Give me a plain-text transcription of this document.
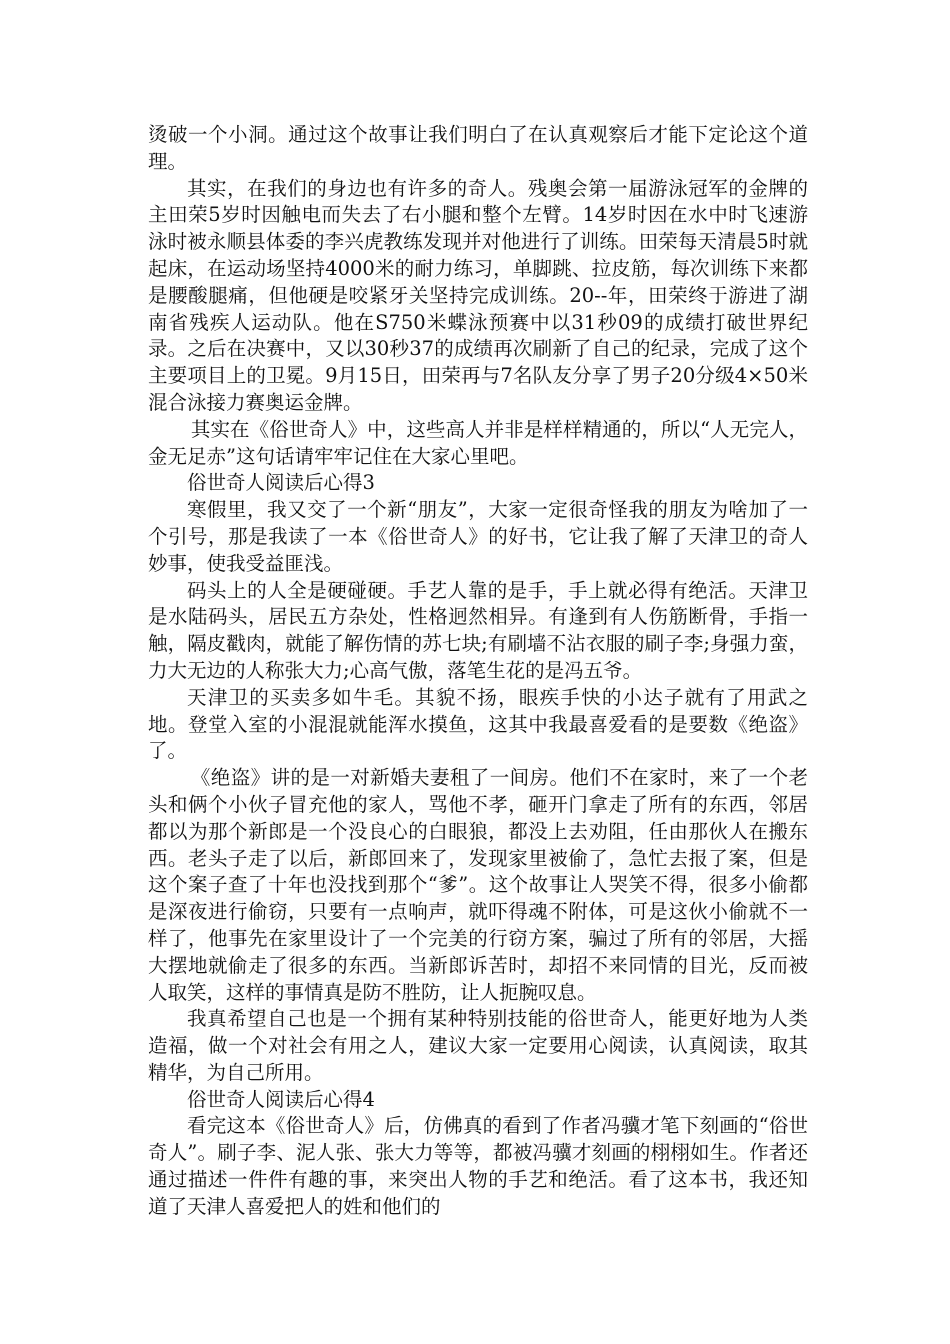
烫破一个小洞。通过这个故事让我们明白了在认真观察后才能下定论这个道理。

其实，在我们的身边也有许多的奇人。残奥会第一届游泳冠军的金牌的主田荣5岁时因触电而失去了右小腿和整个左臂。14岁时因在水中时飞速游泳时被永顺县体委的李兴虎教练发现并对他进行了训练。田荣每天清晨5时就起床，在运动场坚持4000米的耐力练习，单脚跳、拉皮筋，每次训练下来都是腰酸腿痛，但他硬是咬紧牙关坚持完成训练。20--年，田荣终于游进了湖南省残疾人运动队。他在S750米蝶泳预赛中以31秒09的成绩打破世界纪录。之后在决赛中，又以30秒37的成绩再次刷新了自己的纪录，完成了这个主要项目上的卫冕。9月15日，田荣再与7名队友分享了男子20分级4×50米混合泳接力赛奥运金牌。

其实在《俗世奇人》中，这些高人并非是样样精通的，所以“人无完人，金无足赤”这句话请牢牢记住在大家心里吧。

俗世奇人阅读后心得3

寒假里，我又交了一个新“朋友”，大家一定很奇怪我的朋友为啥加了一个引号，那是我读了一本《俗世奇人》的好书，它让我了解了天津卫的奇人妙事，使我受益匪浅。

码头上的人全是硬碰硬。手艺人靠的是手，手上就必得有绝活。天津卫是水陆码头，居民五方杂处，性格迥然相异。有逢到有人伤筋断骨，手指一触，隔皮戳肉，就能了解伤情的苏七块;有刷墙不沾衣服的刷子李;身强力蛮，力大无边的人称张大力;心高气傲，落笔生花的是冯五爷。

天津卫的买卖多如牛毛。其貌不扬，眼疾手快的小达子就有了用武之地。登堂入室的小混混就能浑水摸鱼，这其中我最喜爱看的是要数《绝盗》了。

《绝盗》讲的是一对新婚夫妻租了一间房。他们不在家时，来了一个老头和俩个小伙子冒充他的家人，骂他不孝，砸开门拿走了所有的东西，邻居都以为那个新郎是一个没良心的白眼狼，都没上去劝阻，任由那伙人在搬东西。老头子走了以后，新郎回来了，发现家里被偷了，急忙去报了案，但是这个案子查了十年也没找到那个“爹”。这个故事让人哭笑不得，很多小偷都是深夜进行偷窃，只要有一点响声，就吓得魂不附体，可是这伙小偷就不一样了，他事先在家里设计了一个完美的行窃方案，骗过了所有的邻居，大摇大摆地就偷走了很多的东西。当新郎诉苦时，却招不来同情的目光，反而被人取笑，这样的事情真是防不胜防，让人扼腕叹息。

我真希望自己也是一个拥有某种特别技能的俗世奇人，能更好地为人类造福，做一个对社会有用之人，建议大家一定要用心阅读，认真阅读，取其精华，为自己所用。

俗世奇人阅读后心得4

看完这本《俗世奇人》后，仿佛真的看到了作者冯骥才笔下刻画的“俗世奇人”。刷子李、泥人张、张大力等等，都被冯骥才刻画的栩栩如生。作者还通过描述一件件有趣的事，来突出人物的手艺和绝活。看了这本书，我还知道了天津人喜爱把人的姓和他们的
